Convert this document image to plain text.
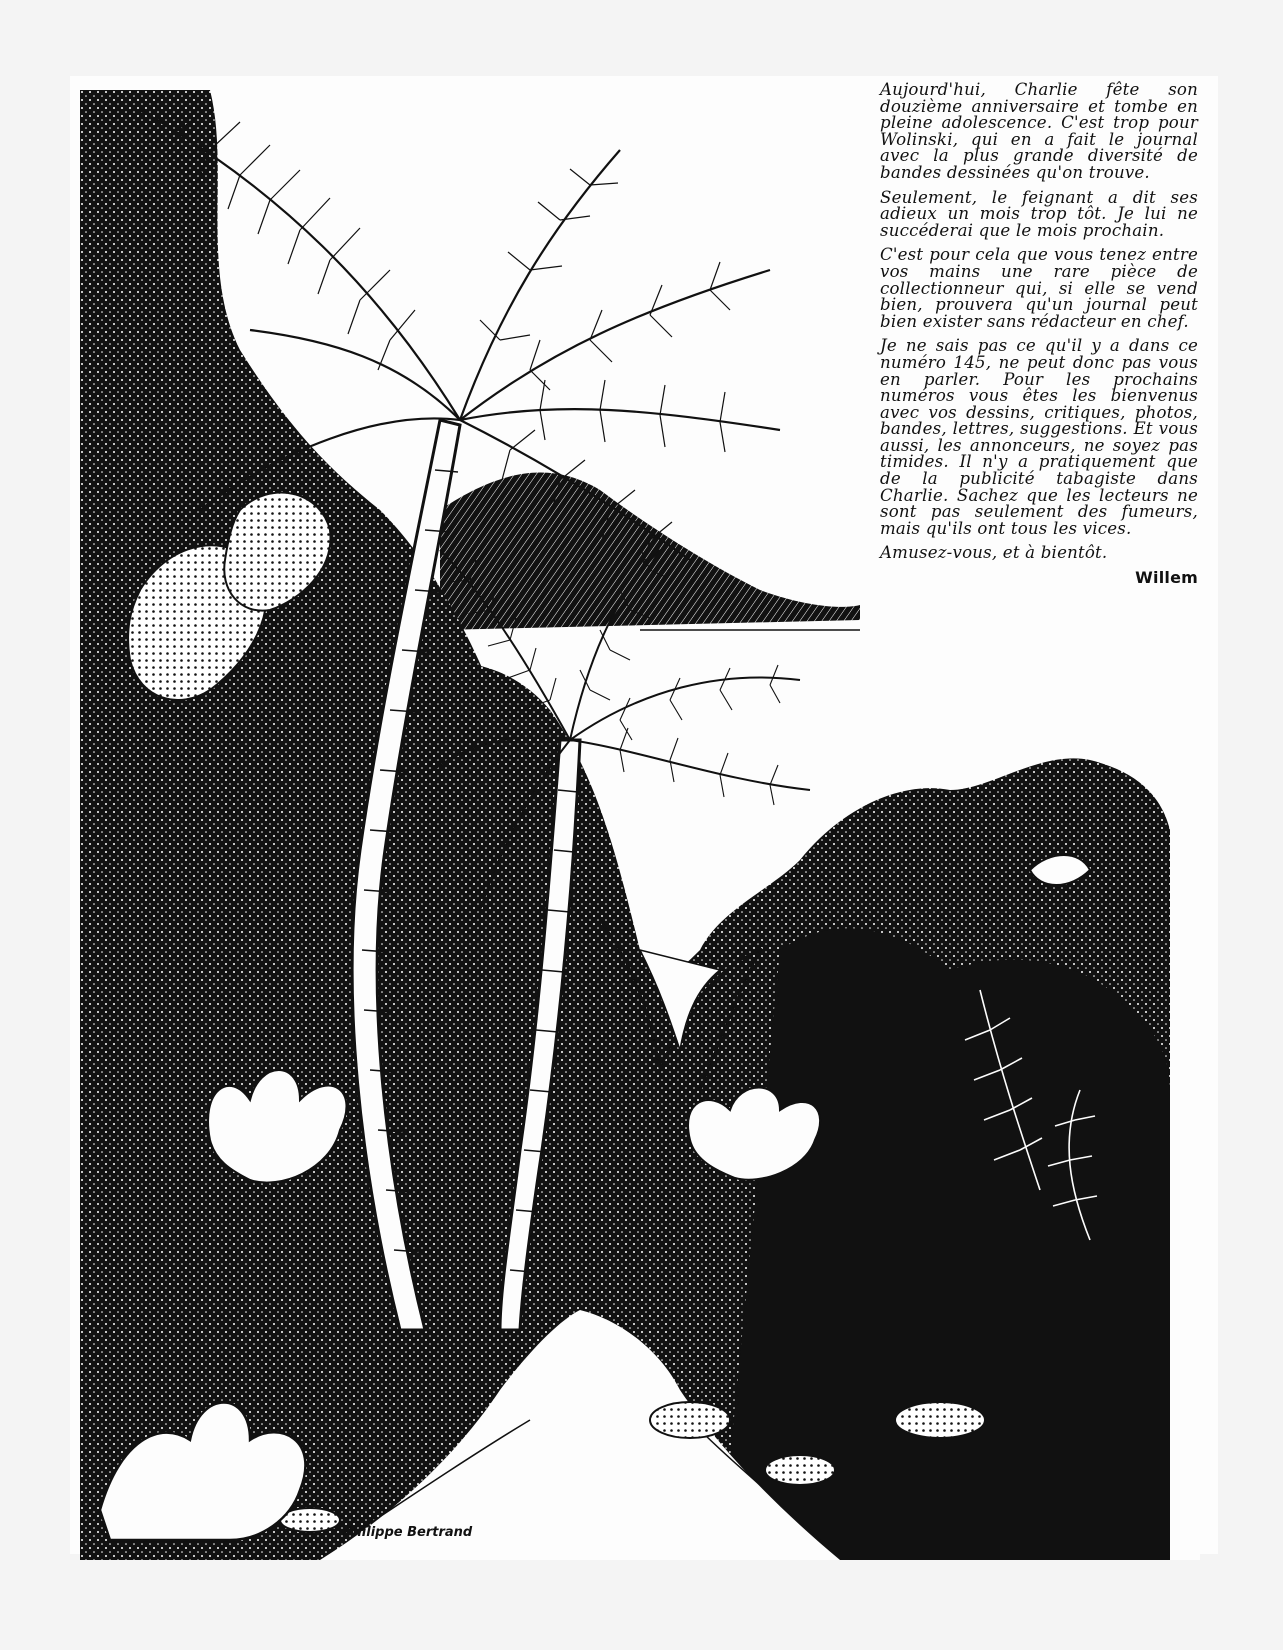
Aujourd'hui, Charlie fête son douzième anniversaire et tombe en pleine adolescence. C'est trop pour Wolinski, qui en a fait le journal avec la plus grande diversité de bandes dessinées qu'on trouve.

Seulement, le feignant a dit ses adieux un mois trop tôt. Je lui ne succéderai que le mois prochain.

C'est pour cela que vous tenez entre vos mains une rare pièce de collectionneur qui, si elle se vend bien, prouvera qu'un journal peut bien exister sans rédacteur en chef.

Je ne sais pas ce qu'il y a dans ce numéro 145, ne peut donc pas vous en parler. Pour les prochains numéros vous êtes les bienvenus avec vos dessins, critiques, photos, bandes, lettres, suggestions. Et vous aussi, les annonceurs, ne soyez pas timides. Il n'y a pratiquement que de la publicité tabagiste dans Charlie. Sachez que les lecteurs ne sont pas seulement des fumeurs, mais qu'ils ont tous les vices.

Amusez-vous, et à bientôt.

Willem

Philippe Bertrand
